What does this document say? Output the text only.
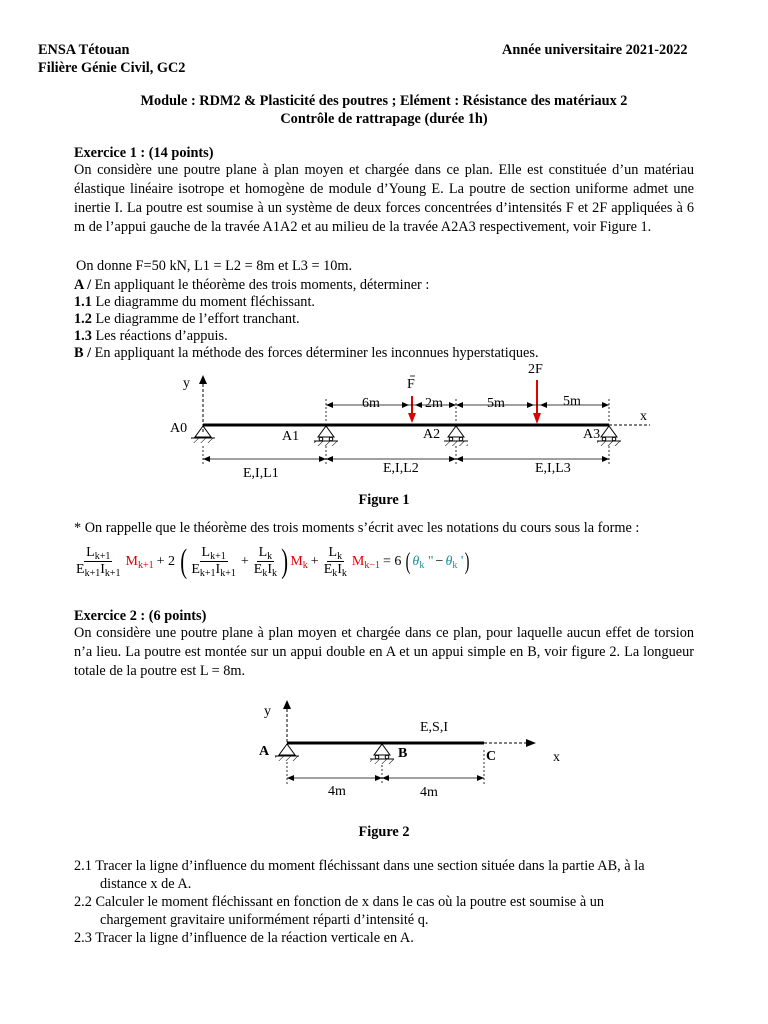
ENSA Tétouan
Filière Génie Civil, GC2
Année universitaire 2021-2022
Module : RDM2 & Plasticité des poutres ; Elément : Résistance des matériaux 2
Contrôle de rattrapage (durée 1h)
Exercice 1 : (14 points)
On considère une poutre plane à plan moyen et chargée dans ce plan. Elle est constituée d’un matériau élastique linéaire isotrope et homogène de module d’Young E. La poutre de section uniforme admet une inertie I. La poutre est soumise à un système de deux forces concentrées d’intensités F et 2F appliquées à 6 m de l’appui gauche de la travée A1A2 et au milieu de la travée A2A3 respectivement, voir Figure 1.
On donne F=50 kN, L1 = L2 = 8m et L3 = 10m.
A / En appliquant le théorème des trois moments, déterminer :
1.1 Le diagramme du moment fléchissant.
1.2 Le diagramme de l’effort tranchant.
1.3 Les réactions d’appuis.
B / En appliquant la méthode des forces déterminer les inconnues hyperstatiques.
y
x
A0
A1	A2	A3
F
2F
6m	2m	5m	5m
E,I,L1	E,I,L2	E,I,L3
Figure 1
* On rappelle que le théorème des trois moments s’écrit avec les notations du cours sous la forme :
$\frac{L_{k+1}}{E_{k+1}I_{k+1}} M_{k+1} + 2$ ( $\frac{L_{k+1}}{E_{k+1}I_{k+1}} + \frac{L_k}{E_kI_k}$ ) $M_k + \frac{L_k}{E_kI_k} M_{k-1} = 6$ ( $\theta_k$ " − $\theta_k$ ' )
Exercice 2 : (6 points)
On considère une poutre plane à plan moyen et chargée dans ce plan, pour laquelle aucun effet de torsion n’a lieu. La poutre est montée sur un appui double en A et un appui simple en B, voir figure 2. La longueur totale de la poutre est L = 8m.
y
x
E,S,I
A	B	C
4m	4m
Figure 2
2.1 Tracer la ligne d’influence du moment fléchissant dans une section située dans la partie AB, à la
distance x de A.
2.2 Calculer le moment fléchissant en fonction de x dans le cas où la poutre est soumise à un
chargement gravitaire uniformément réparti d’intensité q.
2.3 Tracer la ligne d’influence de la réaction verticale en A.
